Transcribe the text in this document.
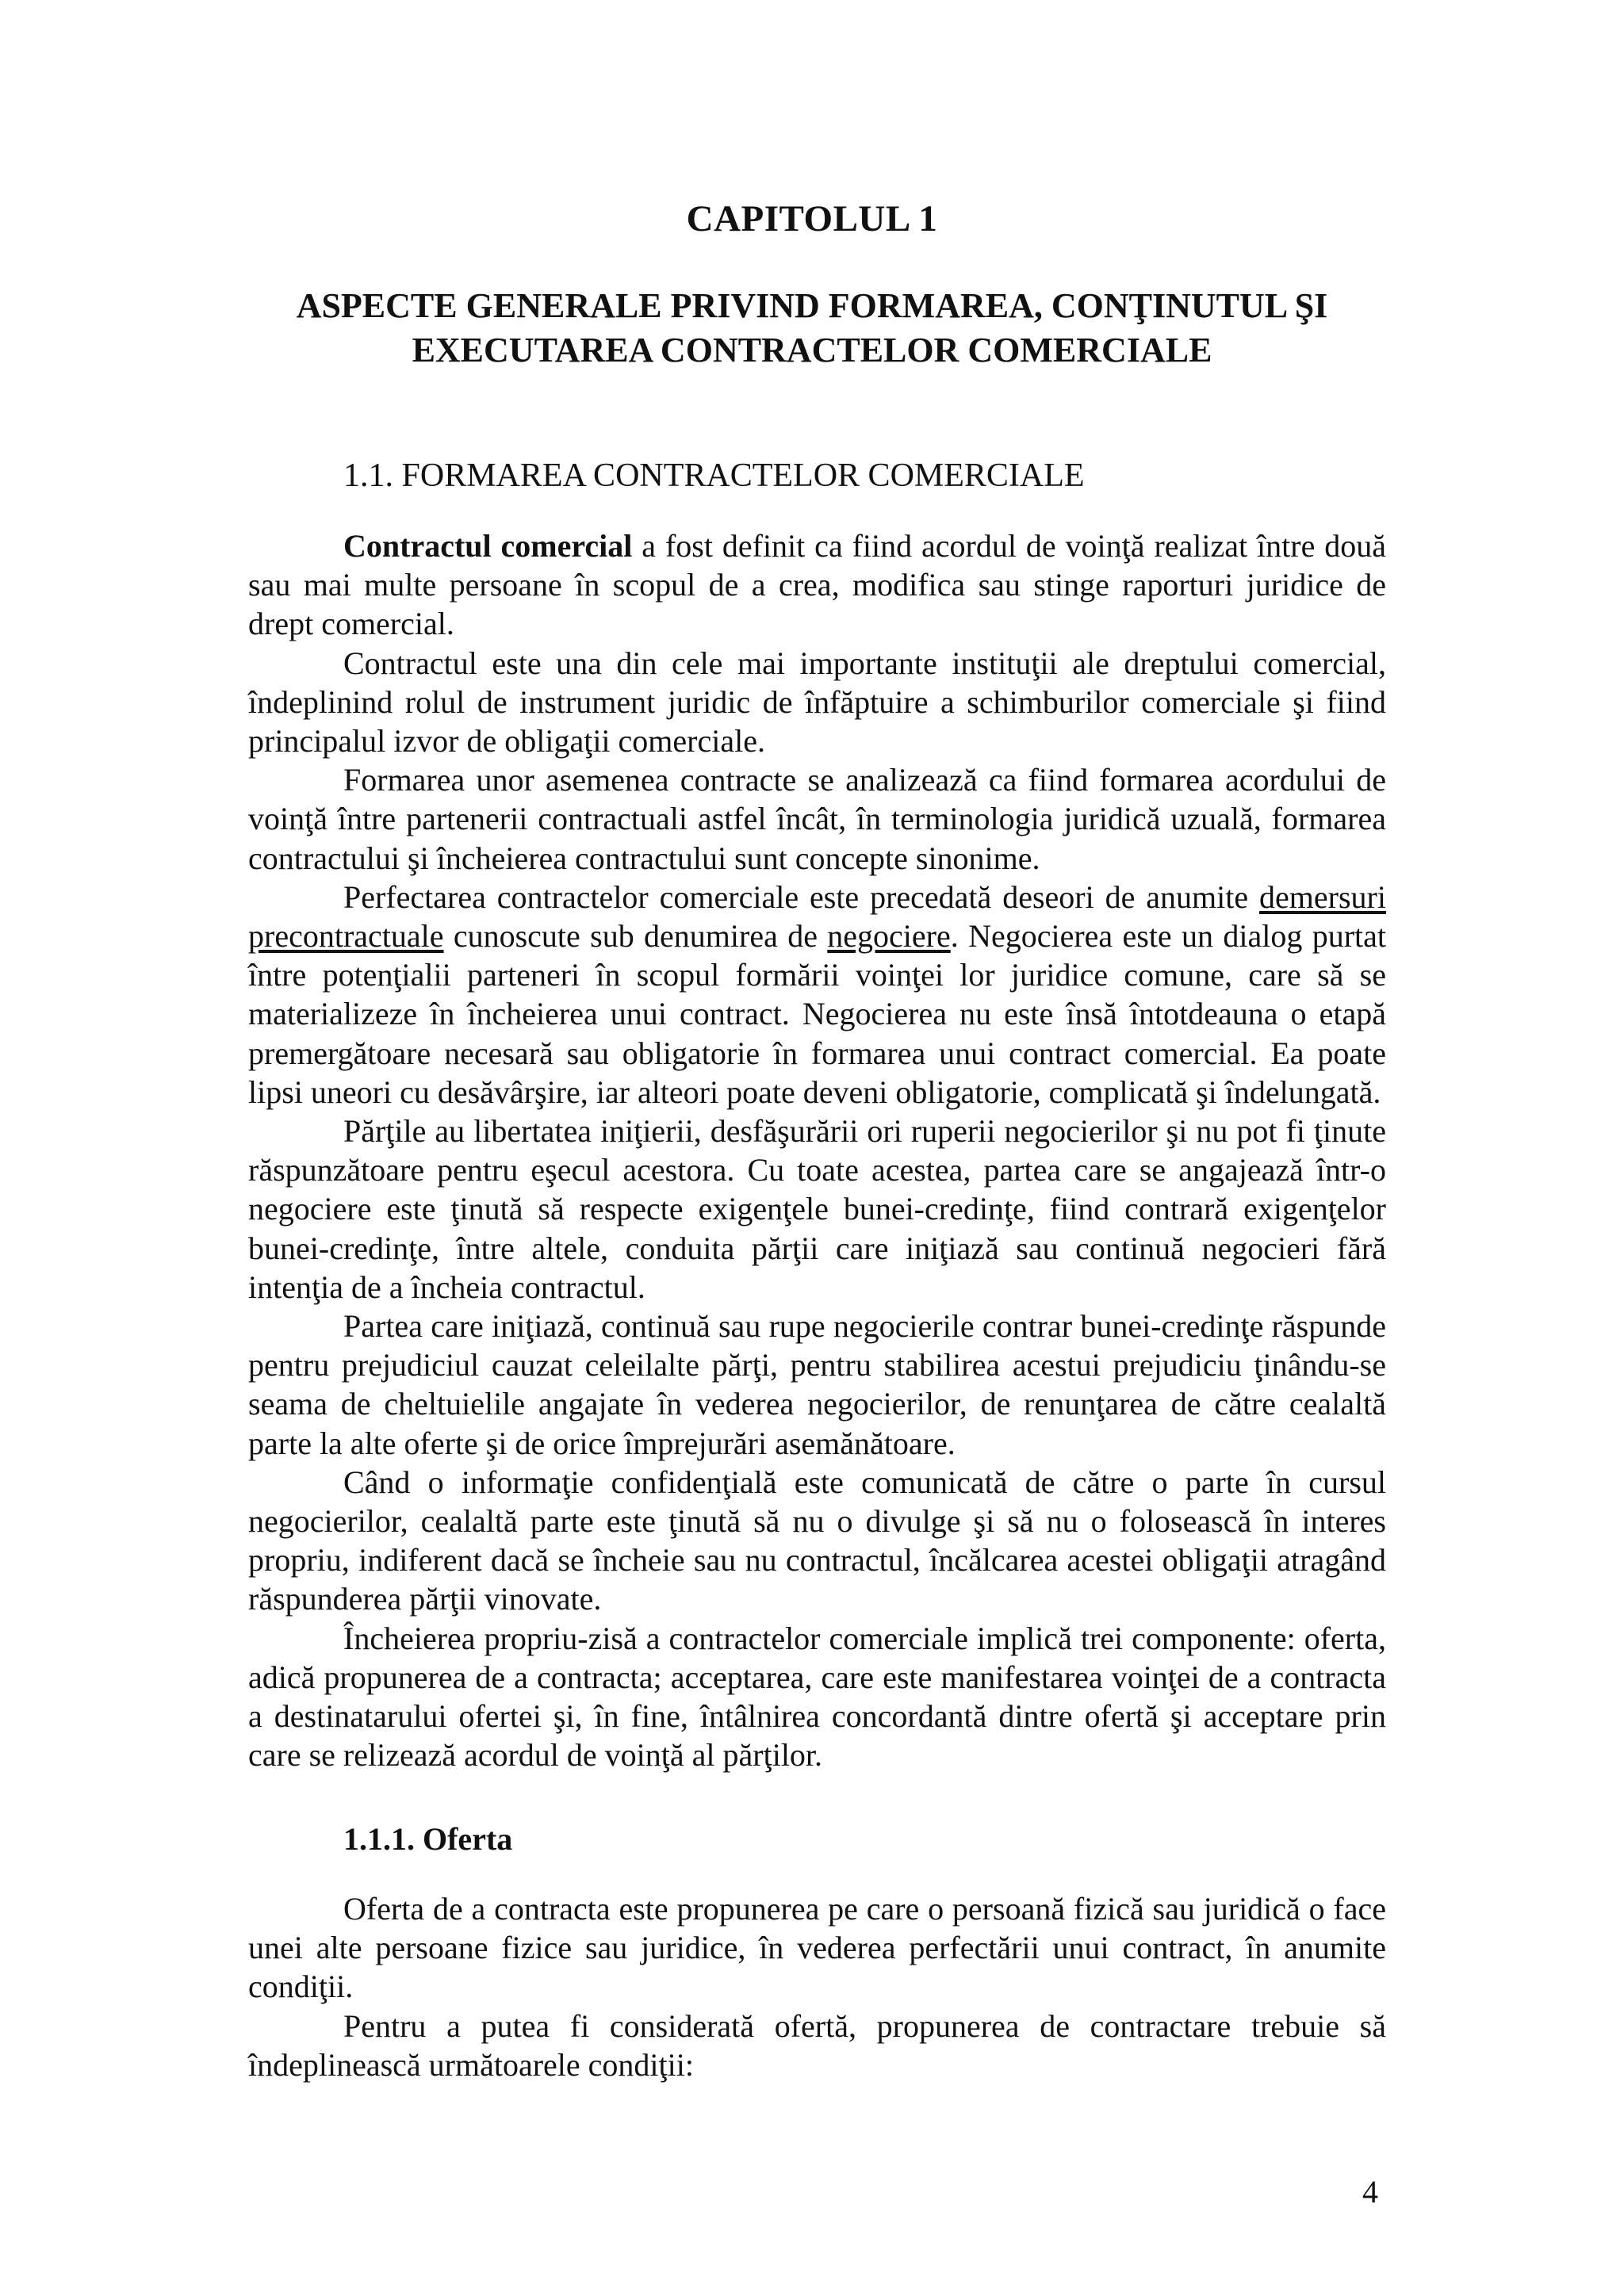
CAPITOLUL 1
ASPECTE GENERALE PRIVIND FORMAREA, CONŢINUTUL ŞI
EXECUTAREA CONTRACTELOR COMERCIALE
1.1. FORMAREA CONTRACTELOR COMERCIALE

Contractul comercial a fost definit ca fiind acordul de voinţă realizat între două sau mai multe persoane în scopul de a crea, modifica sau stinge raporturi juridice de drept comercial.

Contractul este una din cele mai importante instituţii ale dreptului comercial, îndeplinind rolul de instrument juridic de înfăptuire a schimburilor comerciale şi fiind principalul izvor de obligaţii comerciale.

Formarea unor asemenea contracte se analizează ca fiind formarea acordului de voinţă între partenerii contractuali astfel încât, în terminologia juridică uzuală, formarea contractului şi încheierea contractului sunt concepte sinonime.

Perfectarea contractelor comerciale este precedată deseori de anumite demersuri precontractuale cunoscute sub denumirea de negociere. Negocierea este un dialog purtat între potenţialii parteneri în scopul formării voinţei lor juridice comune, care să se materializeze în încheierea unui contract. Negocierea nu este însă întotdeauna o etapă premergătoare necesară sau obligatorie în formarea unui contract comercial. Ea poate lipsi uneori cu desăvârşire, iar alteori poate deveni obligatorie, complicată şi îndelungată.

Părţile au libertatea iniţierii, desfăşurării ori ruperii negocierilor şi nu pot fi ţinute răspunzătoare pentru eşecul acestora. Cu toate acestea, partea care se angajează într-o negociere este ţinută să respecte exigenţele bunei-credinţe, fiind contrară exigenţelor bunei-credinţe, între altele, conduita părţii care iniţiază sau continuă negocieri fără intenţia de a încheia contractul.

Partea care iniţiază, continuă sau rupe negocierile contrar bunei-credinţe răspunde pentru prejudiciul cauzat celeilalte părţi, pentru stabilirea acestui prejudiciu ţinându-se seama de cheltuielile angajate în vederea negocierilor, de renunţarea de către cealaltă parte la alte oferte şi de orice împrejurări asemănătoare.

Când o informaţie confidenţială este comunicată de către o parte în cursul negocierilor, cealaltă parte este ţinută să nu o divulge şi să nu o folosească în interes propriu, indiferent dacă se încheie sau nu contractul, încălcarea acestei obligaţii atragând răspunderea părţii vinovate.

Încheierea propriu-zisă a contractelor comerciale implică trei componente: oferta, adică propunerea de a contracta; acceptarea, care este manifestarea voinţei de a contracta a destinatarului ofertei şi, în fine, întâlnirea concordantă dintre ofertă şi acceptare prin care se relizează acordul de voinţă al părţilor.

1.1.1. Oferta

Oferta de a contracta este propunerea pe care o persoană fizică sau juridică o face unei alte persoane fizice sau juridice, în vederea perfectării unui contract, în anumite condiţii.

Pentru a putea fi considerată ofertă, propunerea de contractare trebuie să îndeplinească următoarele condiţii:

4
